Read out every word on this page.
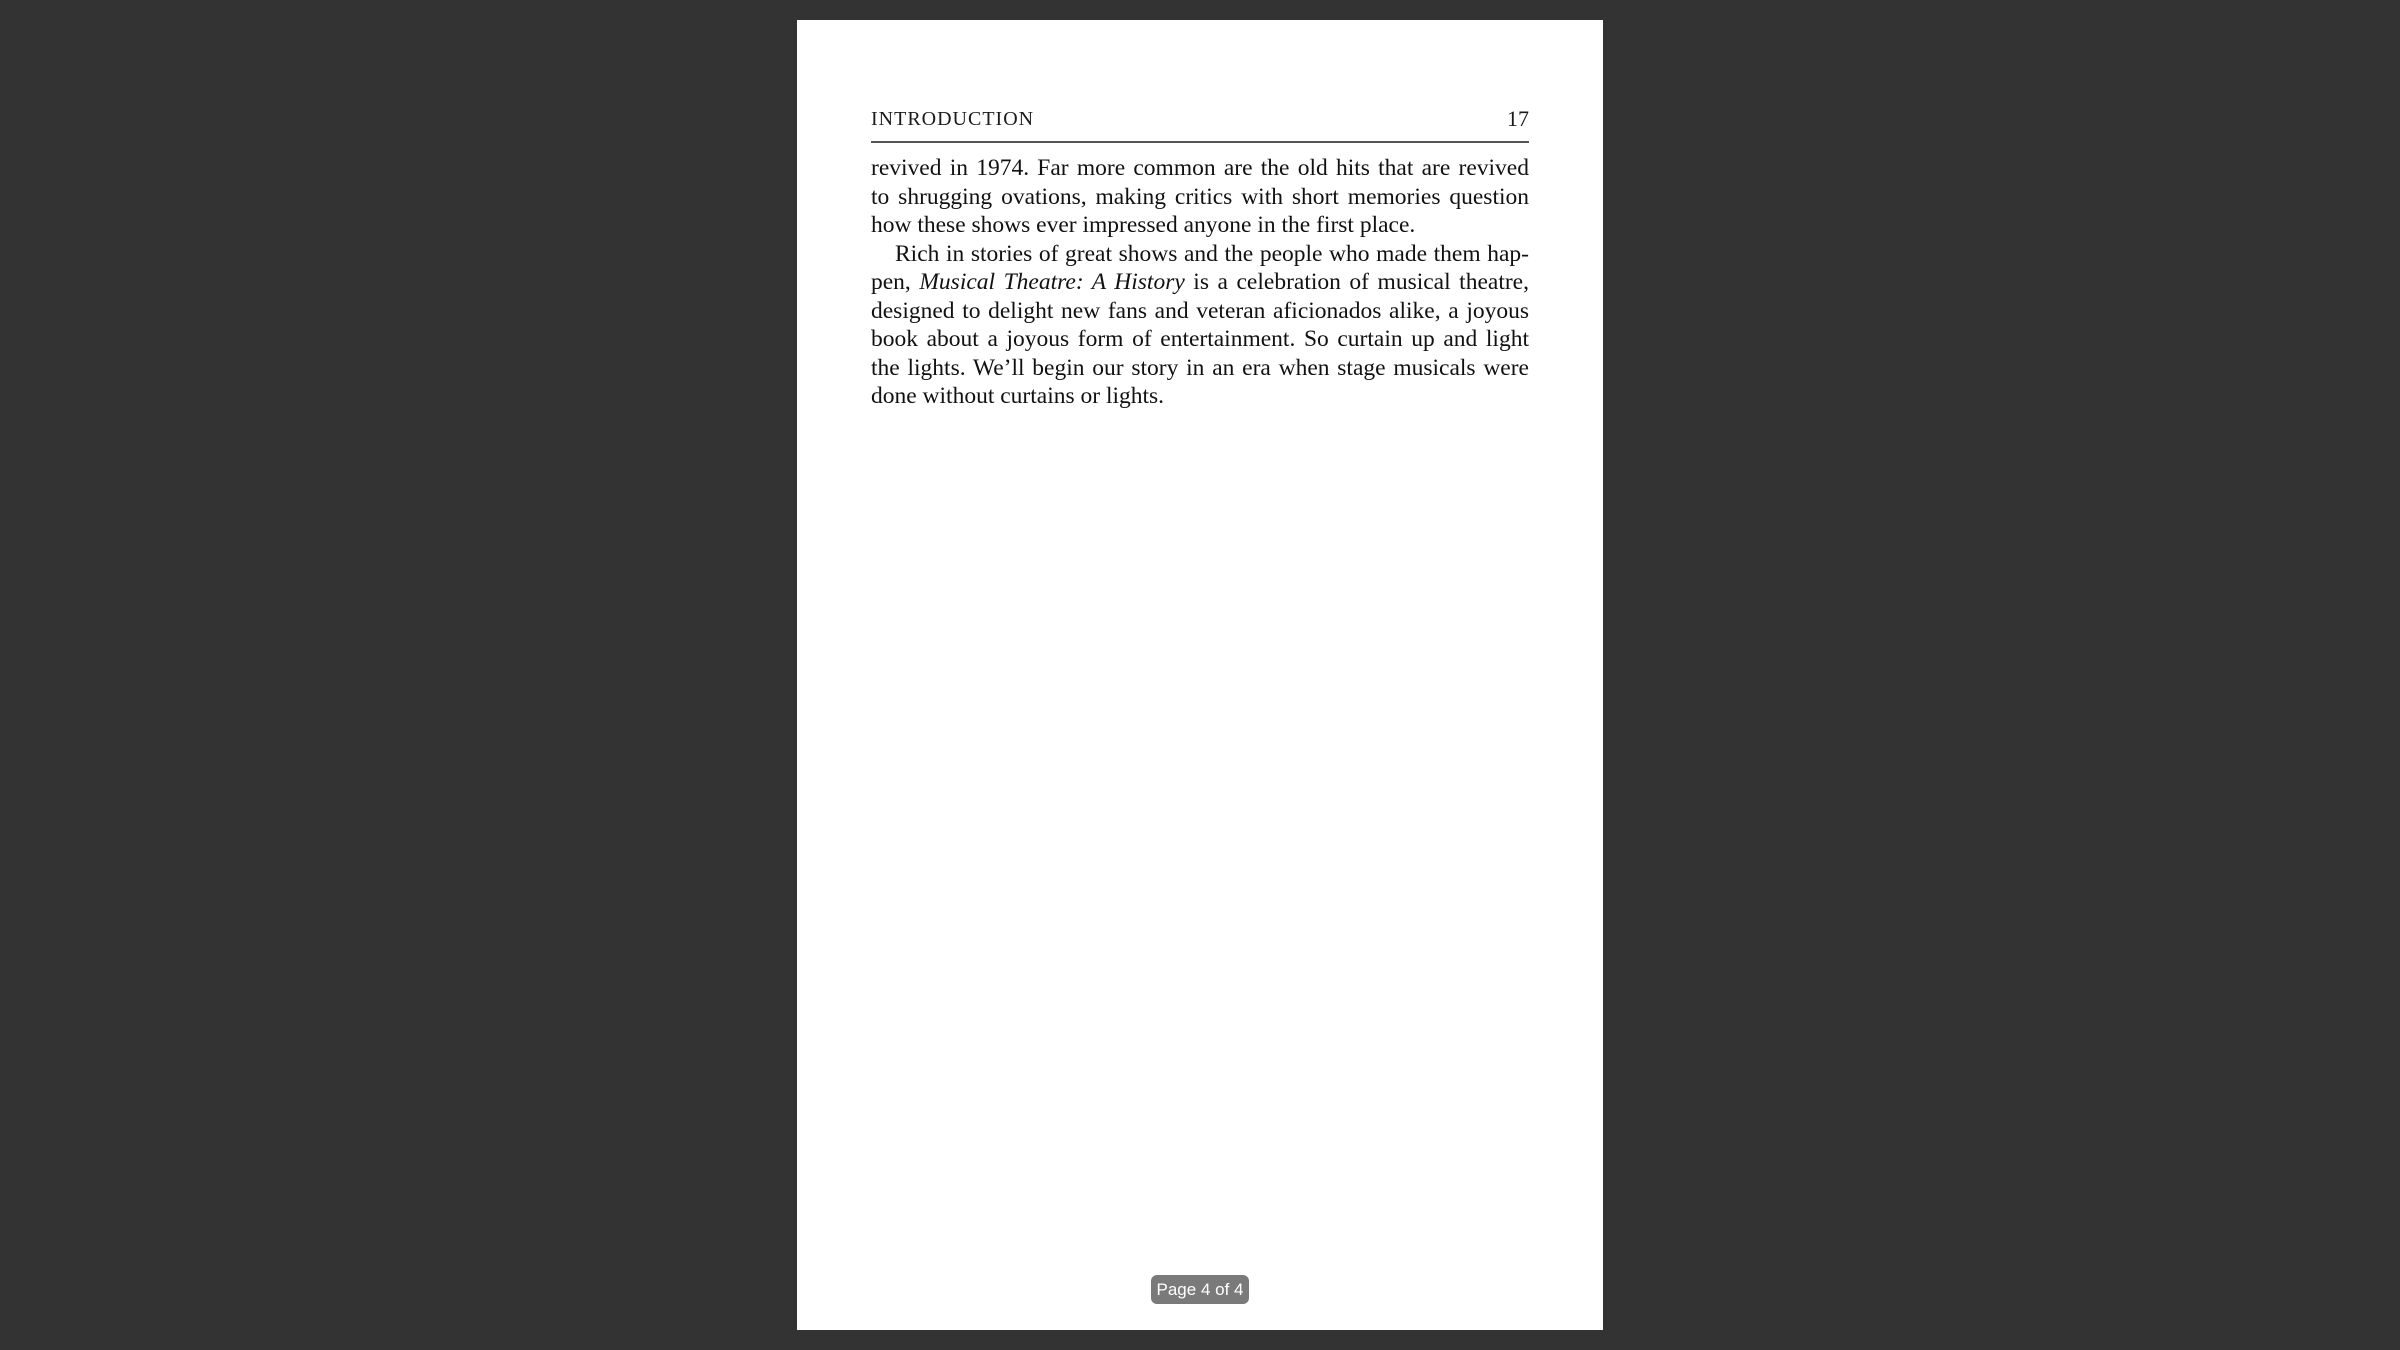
INTRODUCTION	17

revived in 1974. Far more common are the old hits that are revived
to shrugging ovations, making critics with short memories question
how these shows ever impressed anyone in the first place.

Rich in stories of great shows and the people who made them hap-
pen, Musical Theatre: A History is a celebration of musical theatre,
designed to delight new fans and veteran aficionados alike, a joyous
book about a joyous form of entertainment. So curtain up and light
the lights. We’ll begin our story in an era when stage musicals were
done without curtains or lights.

Page 4 of 4
